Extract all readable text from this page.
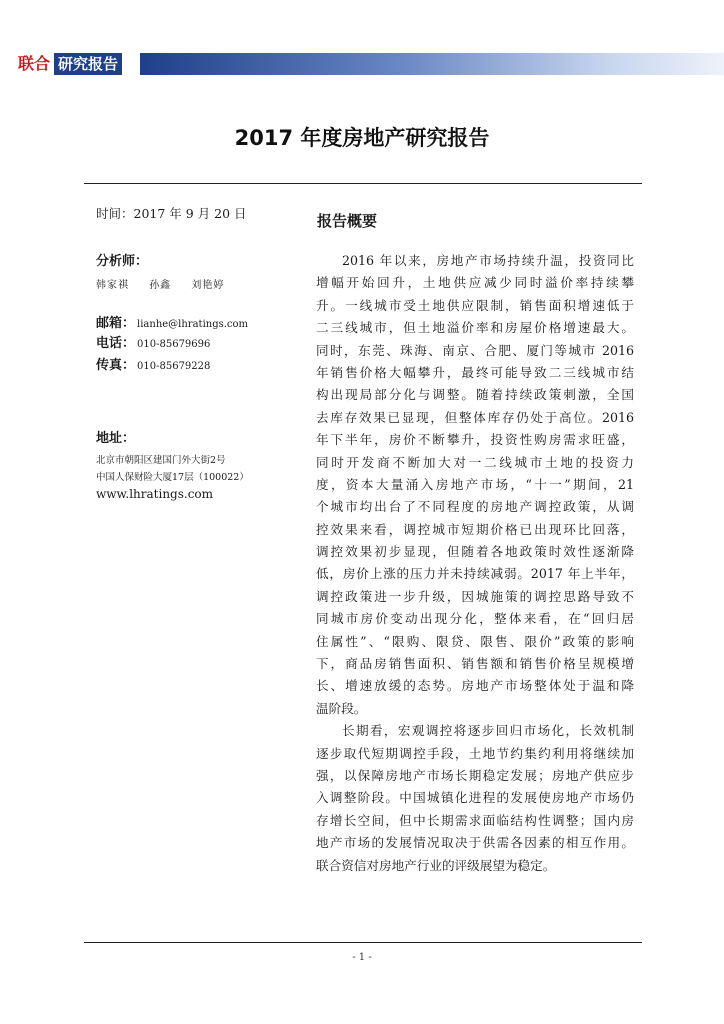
联合 研究报告
2017 年度房地产研究报告
时间：2017 年 9 月 20 日
分析师：
韩家祺 孙鑫 刘艳婷
邮箱： lianhe@lhratings.com
电话： 010-85679696
传真： 010-85679228
地址：
北京市朝阳区建国门外大街2号
中国人保财险大厦17层（100022）
www.lhratings.com
报告概要
2016 年以来，房地产市场持续升温，投资同比
增幅开始回升，土地供应减少同时溢价率持续攀
升。一线城市受土地供应限制，销售面积增速低于
二三线城市，但土地溢价率和房屋价格增速最大。
同时，东莞、珠海、南京、合肥、厦门等城市 2016
年销售价格大幅攀升，最终可能导致二三线城市结
构出现局部分化与调整。随着持续政策刺激，全国
去库存效果已显现，但整体库存仍处于高位。2016
年下半年，房价不断攀升，投资性购房需求旺盛，
同时开发商不断加大对一二线城市土地的投资力
度，资本大量涌入房地产市场，“十一”期间，21
个城市均出台了不同程度的房地产调控政策，从调
控效果来看，调控城市短期价格已出现环比回落，
调控效果初步显现，但随着各地政策时效性逐渐降
低，房价上涨的压力并未持续减弱。2017 年上半年，
调控政策进一步升级，因城施策的调控思路导致不
同城市房价变动出现分化，整体来看，在“回归居
住属性”、“限购、限贷、限售、限价”政策的影响
下，商品房销售面积、销售额和销售价格呈规模增
长、增速放缓的态势。房地产市场整体处于温和降
温阶段。
长期看，宏观调控将逐步回归市场化，长效机制
逐步取代短期调控手段，土地节约集约利用将继续加
强，以保障房地产市场长期稳定发展；房地产供应步
入调整阶段。中国城镇化进程的发展使房地产市场仍
存增长空间，但中长期需求面临结构性调整；国内房
地产市场的发展情况取决于供需各因素的相互作用。
联合资信对房地产行业的评级展望为稳定。
- 1 -
